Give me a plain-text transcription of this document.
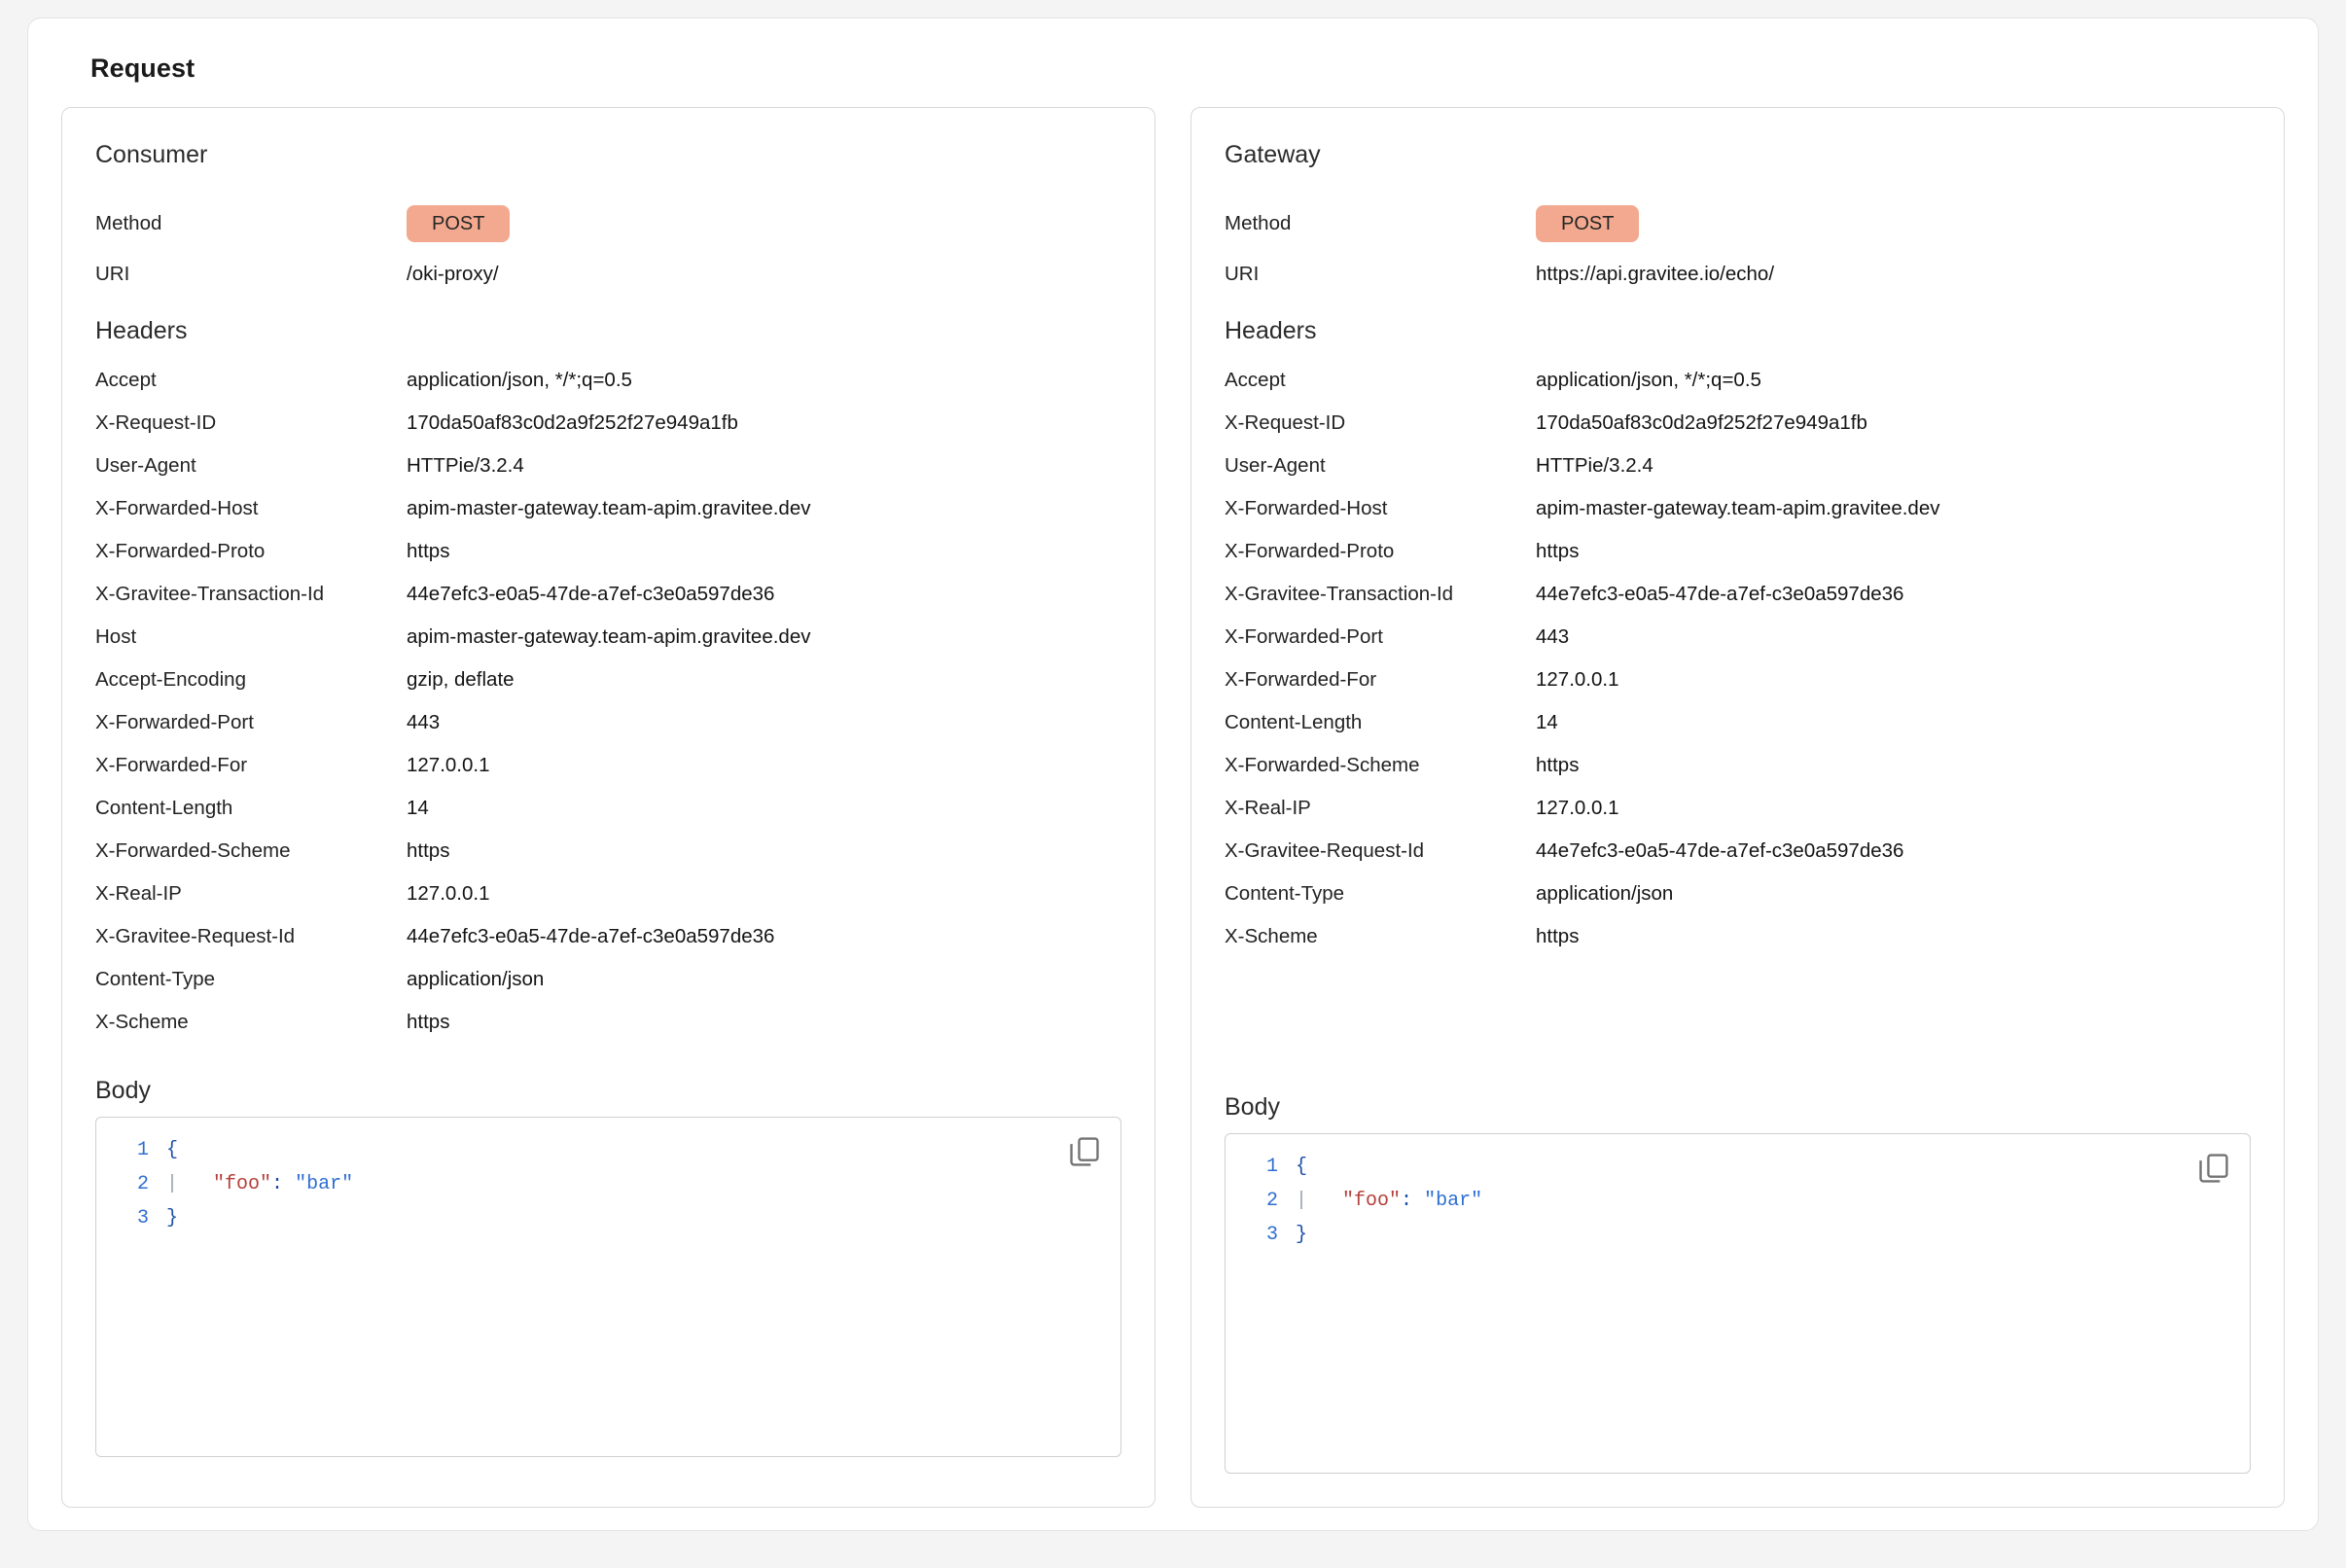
Request
Consumer
Method	POST
URI	/oki-proxy/
Headers
Accept	application/json, */*;q=0.5
X-Request-ID	170da50af83c0d2a9f252f27e949a1fb
User-Agent	HTTPie/3.2.4
X-Forwarded-Host	apim-master-gateway.team-apim.gravitee.dev
X-Forwarded-Proto	https
X-Gravitee-Transaction-Id	44e7efc3-e0a5-47de-a7ef-c3e0a597de36
Host	apim-master-gateway.team-apim.gravitee.dev
Accept-Encoding	gzip, deflate
X-Forwarded-Port	443
X-Forwarded-For	127.0.0.1
Content-Length	14
X-Forwarded-Scheme	https
X-Real-IP	127.0.0.1
X-Gravitee-Request-Id	44e7efc3-e0a5-47de-a7ef-c3e0a597de36
Content-Type	application/json
X-Scheme	https
Body
1 {
2 | "foo": "bar"
3 }
Gateway
Method	POST
URI	https://api.gravitee.io/echo/
Headers
Accept	application/json, */*;q=0.5
X-Request-ID	170da50af83c0d2a9f252f27e949a1fb
User-Agent	HTTPie/3.2.4
X-Forwarded-Host	apim-master-gateway.team-apim.gravitee.dev
X-Forwarded-Proto	https
X-Gravitee-Transaction-Id	44e7efc3-e0a5-47de-a7ef-c3e0a597de36
X-Forwarded-Port	443
X-Forwarded-For	127.0.0.1
Content-Length	14
X-Forwarded-Scheme	https
X-Real-IP	127.0.0.1
X-Gravitee-Request-Id	44e7efc3-e0a5-47de-a7ef-c3e0a597de36
Content-Type	application/json
X-Scheme	https
Body
1 {
2 | "foo": "bar"
3 }
